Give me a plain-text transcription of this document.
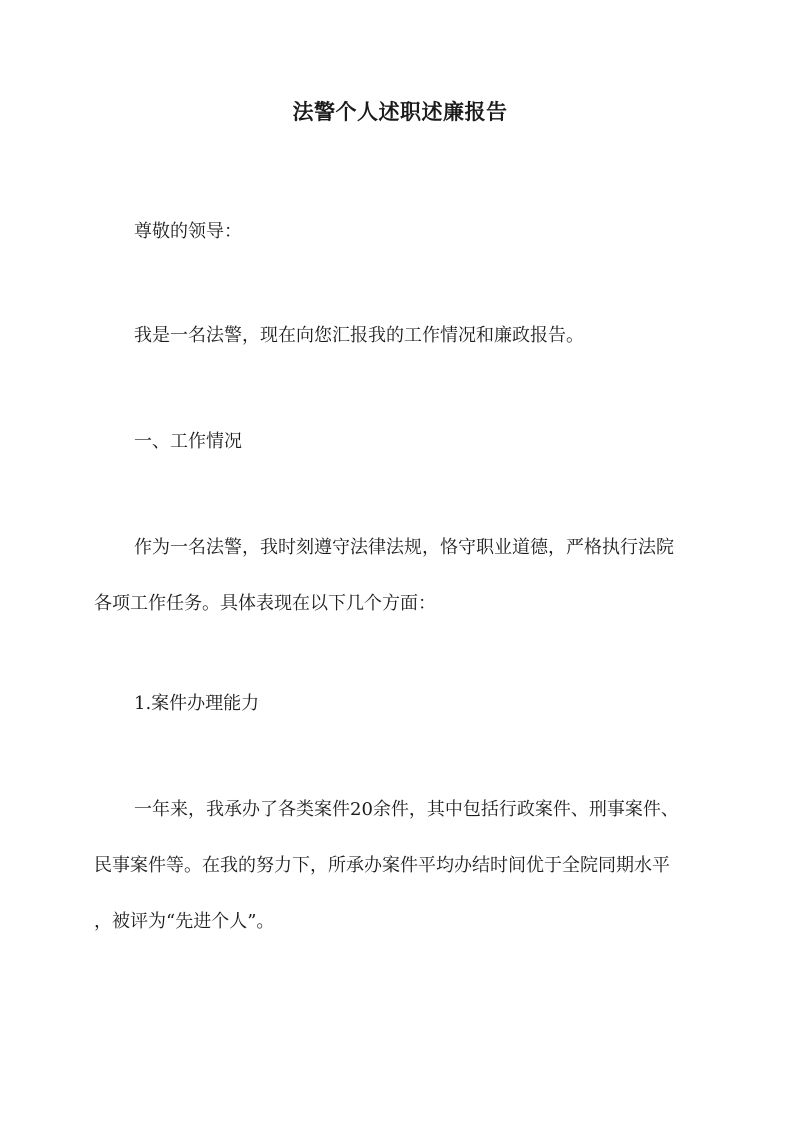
法警个人述职述廉报告

尊敬的领导：

我是一名法警，现在向您汇报我的工作情况和廉政报告。

一、工作情况

作为一名法警，我时刻遵守法律法规，恪守职业道德，严格执行法院
各项工作任务。具体表现在以下几个方面：

1.案件办理能力

一年来，我承办了各类案件20余件，其中包括行政案件、刑事案件、
民事案件等。在我的努力下，所承办案件平均办结时间优于全院同期水平
，被评为“先进个人”。
